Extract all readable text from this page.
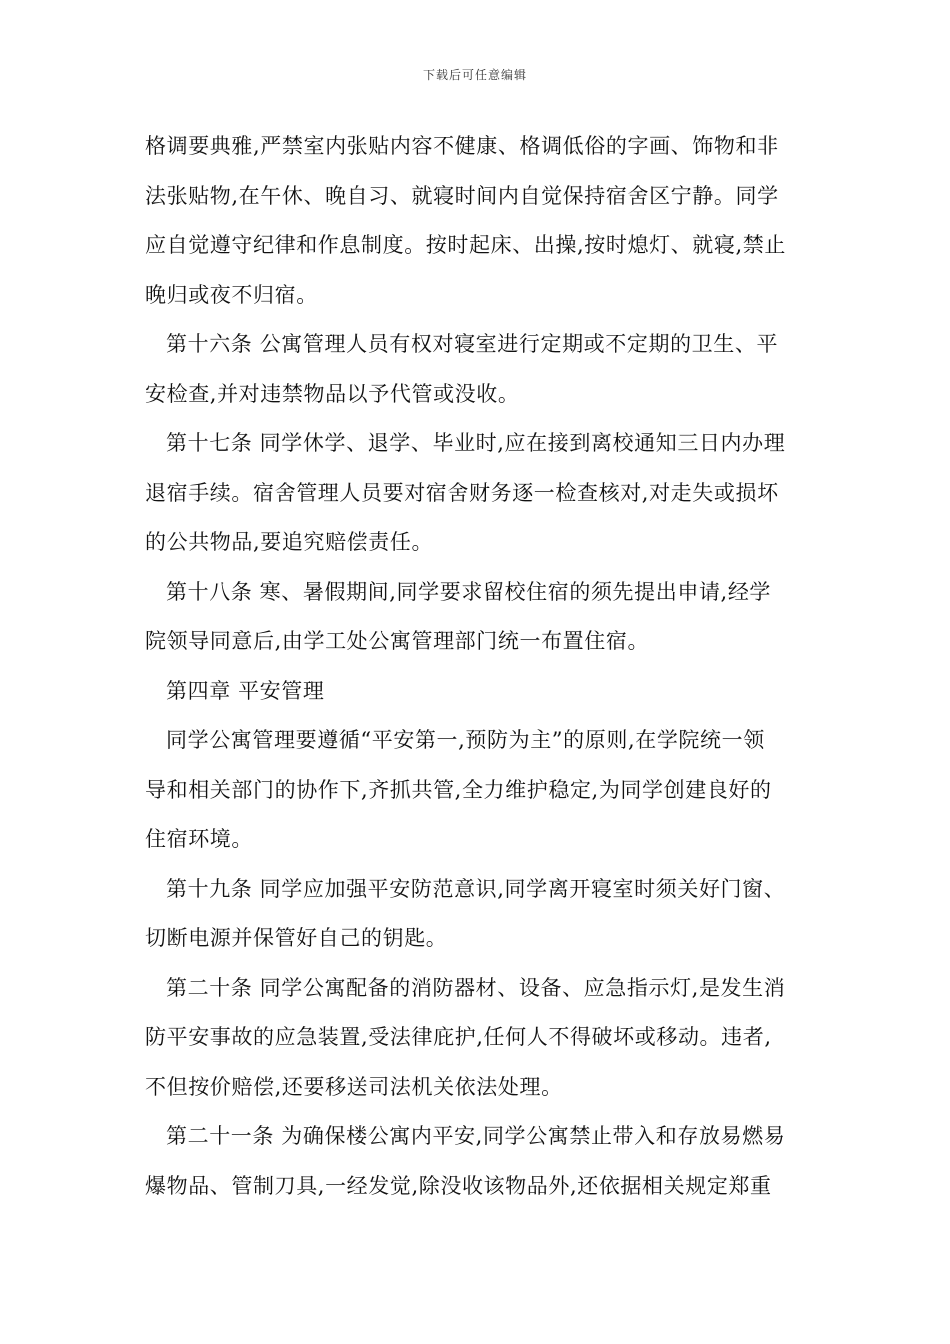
下载后可任意编辑
格调要典雅,严禁室内张贴内容不健康、格调低俗的字画、饰物和非
法张贴物,在午休、晚自习、就寝时间内自觉保持宿舍区宁静。同学
应自觉遵守纪律和作息制度。按时起床、出操,按时熄灯、就寝,禁止
晚归或夜不归宿。
第十六条 公寓管理人员有权对寝室进行定期或不定期的卫生、平
安检查,并对违禁物品以予代管或没收。
第十七条 同学休学、退学、毕业时,应在接到离校通知三日内办理
退宿手续。宿舍管理人员要对宿舍财务逐一检查核对,对走失或损坏
的公共物品,要追究赔偿责任。
第十八条 寒、暑假期间,同学要求留校住宿的须先提出申请,经学
院领导同意后,由学工处公寓管理部门统一布置住宿。
第四章 平安管理
同学公寓管理要遵循“平安第一,预防为主”的原则,在学院统一领
导和相关部门的协作下,齐抓共管,全力维护稳定,为同学创建良好的
住宿环境。
第十九条 同学应加强平安防范意识,同学离开寝室时须关好门窗、
切断电源并保管好自己的钥匙。
第二十条 同学公寓配备的消防器材、设备、应急指示灯,是发生消
防平安事故的应急装置,受法律庇护,任何人不得破坏或移动。违者,
不但按价赔偿,还要移送司法机关依法处理。
第二十一条 为确保楼公寓内平安,同学公寓禁止带入和存放易燃易
爆物品、管制刀具,一经发觉,除没收该物品外,还依据相关规定郑重
